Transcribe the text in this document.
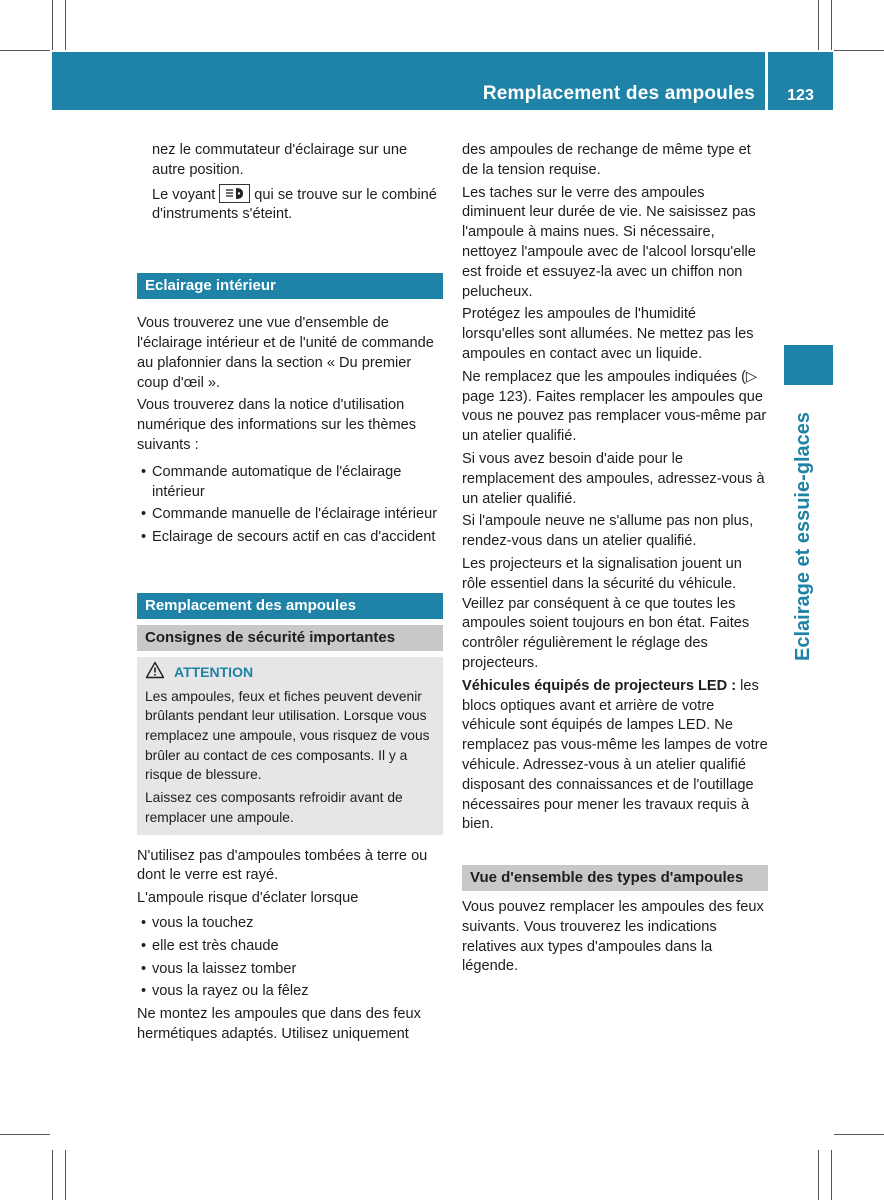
Remplacement des ampoules	123
Eclairage et essuie-glaces

nez le commutateur d'éclairage sur une autre position.

Le voyant	qui se trouve sur le combiné d'instruments s'éteint.

Eclairage intérieur

Vous trouverez une vue d'ensemble de l'éclairage intérieur et de l'unité de commande au plafonnier dans la section « Du premier coup d'œil ».

Vous trouverez dans la notice d'utilisation numérique des informations sur les thèmes suivants :

• Commande automatique de l'éclairage intérieur
• Commande manuelle de l'éclairage intérieur
• Eclairage de secours actif en cas d'accident
Remplacement des ampoules
Consignes de sécurité importantes

ATTENTION

Les ampoules, feux et fiches peuvent devenir brûlants pendant leur utilisation. Lorsque vous remplacez une ampoule, vous risquez de vous brûler au contact de ces composants. Il y a risque de blessure.

Laissez ces composants refroidir avant de remplacer une ampoule.

N'utilisez pas d'ampoules tombées à terre ou dont le verre est rayé.

L'ampoule risque d'éclater lorsque

• vous la touchez
• elle est très chaude
• vous la laissez tomber
• vous la rayez ou la fêlez

Ne montez les ampoules que dans des feux hermétiques adaptés. Utilisez uniquement

des ampoules de rechange de même type et de la tension requise.

Les taches sur le verre des ampoules diminuent leur durée de vie. Ne saisissez pas l'ampoule à mains nues. Si nécessaire, nettoyez l'ampoule avec de l'alcool lorsqu'elle est froide et essuyez-la avec un chiffon non pelucheux.

Protégez les ampoules de l'humidité lorsqu'elles sont allumées. Ne mettez pas les ampoules en contact avec un liquide.

Ne remplacez que les ampoules indiquées (▷ page 123). Faites remplacer les ampoules que vous ne pouvez pas remplacer vous-même par un atelier qualifié.

Si vous avez besoin d'aide pour le remplacement des ampoules, adressez-vous à un atelier qualifié.

Si l'ampoule neuve ne s'allume pas non plus, rendez-vous dans un atelier qualifié.

Les projecteurs et la signalisation jouent un rôle essentiel dans la sécurité du véhicule. Veillez par conséquent à ce que toutes les ampoules soient toujours en bon état. Faites contrôler régulièrement le réglage des projecteurs.

Véhicules équipés de projecteurs LED : les blocs optiques avant et arrière de votre véhicule sont équipés de lampes LED. Ne remplacez pas vous-même les lampes de votre véhicule. Adressez-vous à un atelier qualifié disposant des connaissances et de l'outillage nécessaires pour mener les travaux requis à bien.

Vue d'ensemble des types d'ampoules

Vous pouvez remplacer les ampoules des feux suivants. Vous trouverez les indications relatives aux types d'ampoules dans la légende.
